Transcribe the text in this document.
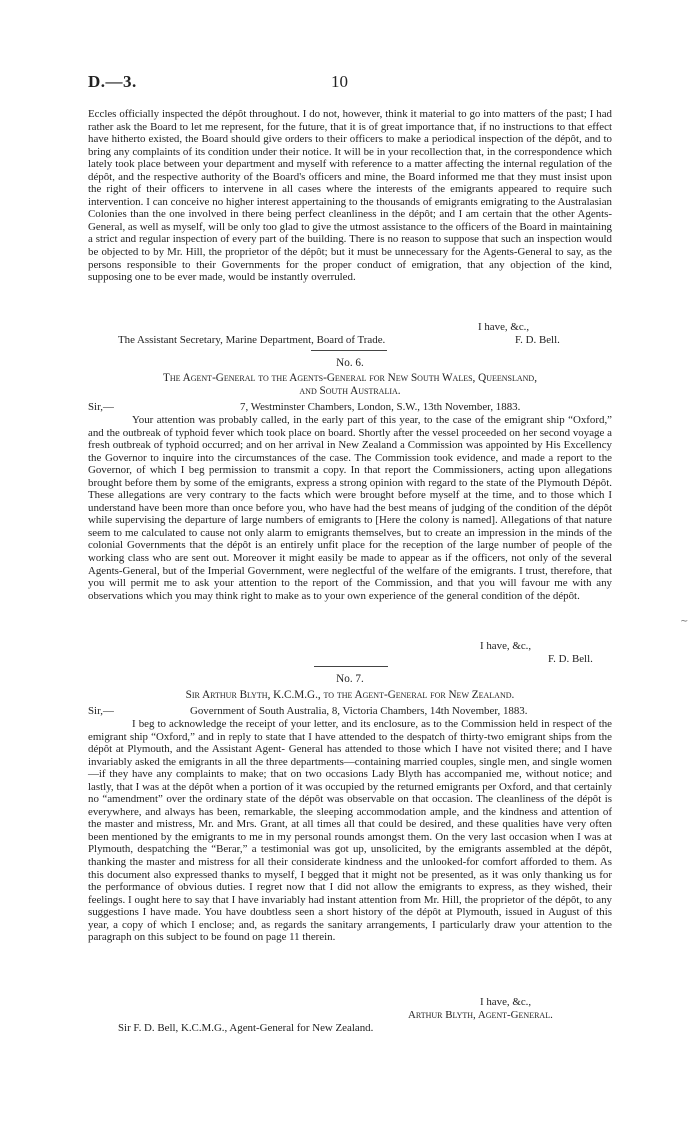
D.—3.	10

Eccles officially inspected the dépôt throughout. I do not, however, think it material to go into matters of the past; I had rather ask the Board to let me represent, for the future, that it is of great importance that, if no instructions to that effect have hitherto existed, the Board should give orders to their officers to make a periodical inspection of the dépôt, and to bring any complaints of its condition under their notice. It will be in your recollection that, in the correspondence which lately took place between your department and myself with reference to a matter affecting the internal regulation of the dépôt, and the respective authority of the Board's officers and mine, the Board informed me that they must insist upon the right of their officers to intervene in all cases where the interests of the emigrants appeared to require such intervention. I can conceive no higher interest appertaining to the thousands of emigrants emigrating to the Australasian Colonies than the one involved in there being perfect cleanliness in the dépôt; and I am certain that the other Agents-General, as well as myself, will be only too glad to give the utmost assistance to the officers of the Board in maintaining a strict and regular inspection of every part of the building. There is no reason to suppose that such an inspection would be objected to by Mr. Hill, the proprietor of the dépôt; but it must be unnecessary for the Agents-General to say, as the persons responsible to their Governments for the proper conduct of emigration, that any objection of the kind, supposing one to be ever made, would be instantly overruled.

I have, &c.,
The Assistant Secretary, Marine Department, Board of Trade.	F. D. Bell.
No. 6.
The Agent-General to the Agents-General for New South Wales, Queensland,
and South Australia.
Sir,—	7, Westminster Chambers, London, S.W., 13th November, 1883.

Your attention was probably called, in the early part of this year, to the case of the emigrant ship “Oxford,” and the outbreak of typhoid fever which took place on board. Shortly after the vessel proceeded on her second voyage a fresh outbreak of typhoid occurred; and on her arrival in New Zealand a Commission was appointed by His Excellency the Governor to inquire into the circumstances of the case. The Commission took evidence, and made a report to the Governor, of which I beg permission to transmit a copy. In that report the Commissioners, acting upon allegations brought before them by some of the emigrants, express a strong opinion with regard to the state of the Plymouth Dépôt. These allegations are very contrary to the facts which were brought before myself at the time, and to those which I understand have been more than once before you, who have had the best means of judging of the condition of the dépôt while supervising the departure of large numbers of emigrants to [Here the colony is named]. Allegations of that nature seem to me calculated to cause not only alarm to emigrants themselves, but to create an impression in the minds of the colonial Governments that the dépôt is an entirely unfit place for the reception of the large number of people of the working class who are sent out. Moreover it might easily be made to appear as if the officers, not only of the several Agents-General, but of the Imperial Government, were neglectful of the welfare of the emigrants. I trust, therefore, that you will permit me to ask your attention to the report of the Commission, and that you will favour me with any observations which you may think right to make as to your own experience of the general condition of the dépôt.

I have, &c.,
F. D. Bell.
No. 7.
Sir Arthur Blyth, K.C.M.G., to the Agent-General for New Zealand.
Sir,—	Government of South Australia, 8, Victoria Chambers, 14th November, 1883.

I beg to acknowledge the receipt of your letter, and its enclosure, as to the Commission held in respect of the emigrant ship “Oxford,” and in reply to state that I have attended to the despatch of thirty-two emigrant ships from the dépôt at Plymouth, and the Assistant Agent- General has attended to those which I have not visited there; and I have invariably asked the emigrants in all the three departments—containing married couples, single men, and single women —if they have any complaints to make; that on two occasions Lady Blyth has accompanied me, without notice; and lastly, that I was at the dépôt when a portion of it was occupied by the returned emigrants per Oxford, and that certainly no “amendment” over the ordinary state of the dépôt was observable on that occasion. The cleanliness of the dépôt is everywhere, and always has been, remarkable, the sleeping accommodation ample, and the kindness and attention of the master and mistress, Mr. and Mrs. Grant, at all times all that could be desired, and these qualities have very often been mentioned by the emigrants to me in my personal rounds amongst them. On the very last occasion when I was at Plymouth, despatching the “Berar,” a testimonial was got up, unsolicited, by the emigrants assembled at the dépôt, thanking the master and mistress for all their considerate kindness and the unlooked-for comfort afforded to them. As this document also expressed thanks to myself, I begged that it might not be presented, as it was only thanking us for the performance of obvious duties. I regret now that I did not allow the emigrants to express, as they wished, their feelings. I ought here to say that I have invariably had instant attention from Mr. Hill, the proprietor of the dépôt, to any suggestions I have made. You have doubtless seen a short history of the dépôt at Plymouth, issued in August of this year, a copy of which I enclose; and, as regards the sanitary arrangements, I particularly draw your attention to the paragraph on this subject to be found on page 11 therein.

I have, &c.,
Arthur Blyth, Agent-General.
Sir F. D. Bell, K.C.M.G., Agent-General for New Zealand.
∼
